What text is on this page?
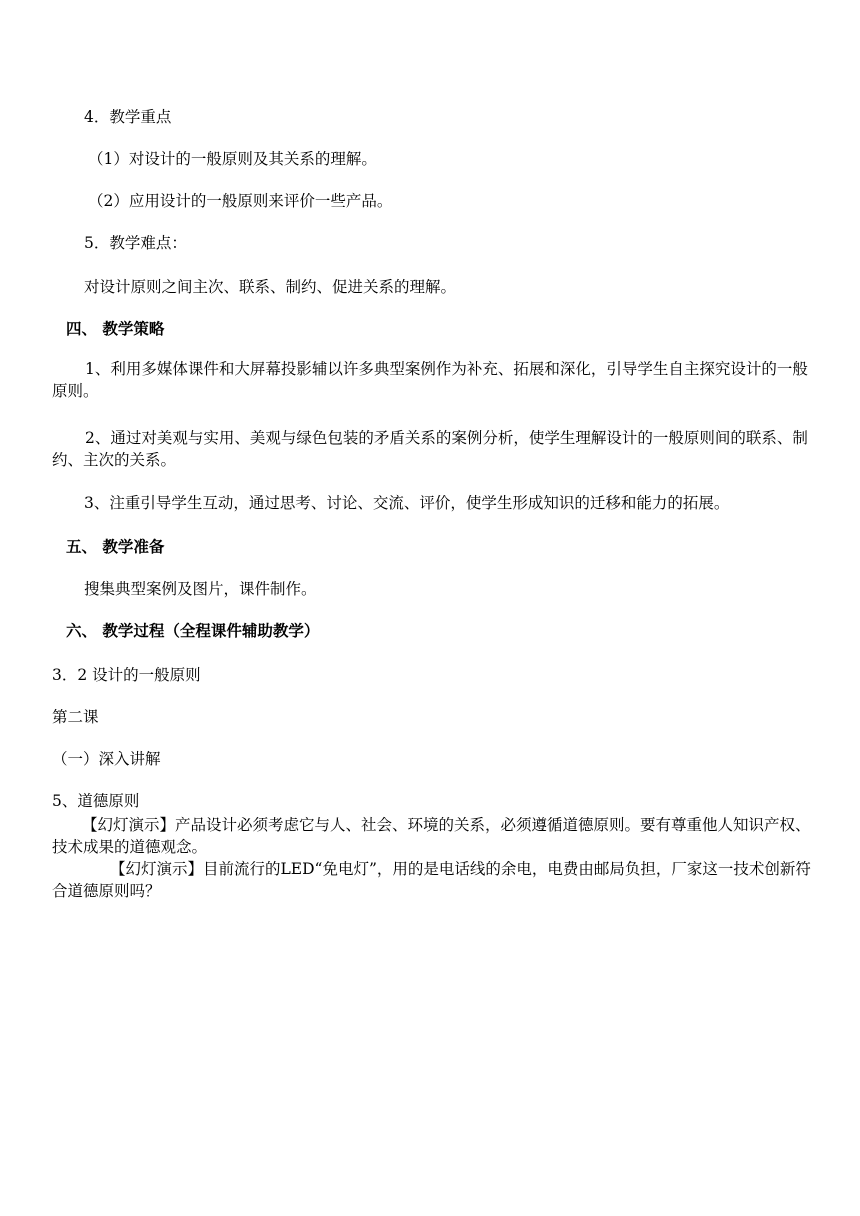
4．教学重点
（1）对设计的一般原则及其关系的理解。
（2）应用设计的一般原则来评价一些产品。
5．教学难点：
对设计原则之间主次、联系、制约、促进关系的理解。
四、 教学策略
1、利用多媒体课件和大屏幕投影辅以许多典型案例作为补充、拓展和深化，引导学生自主探究设计的一般原则。
2、通过对美观与实用、美观与绿色包装的矛盾关系的案例分析，使学生理解设计的一般原则间的联系、制约、主次的关系。
3、注重引导学生互动，通过思考、讨论、交流、评价，使学生形成知识的迁移和能力的拓展。
五、 教学准备
搜集典型案例及图片，课件制作。
六、 教学过程（全程课件辅助教学）
3．2 设计的一般原则
第二课
（一）深入讲解
5、道德原则
【幻灯演示】产品设计必须考虑它与人、社会、环境的关系，必须遵循道德原则。要有尊重他人知识产权、技术成果的道德观念。
【幻灯演示】目前流行的LED“免电灯”，用的是电话线的余电，电费由邮局负担，厂家这一技术创新符合道德原则吗？
